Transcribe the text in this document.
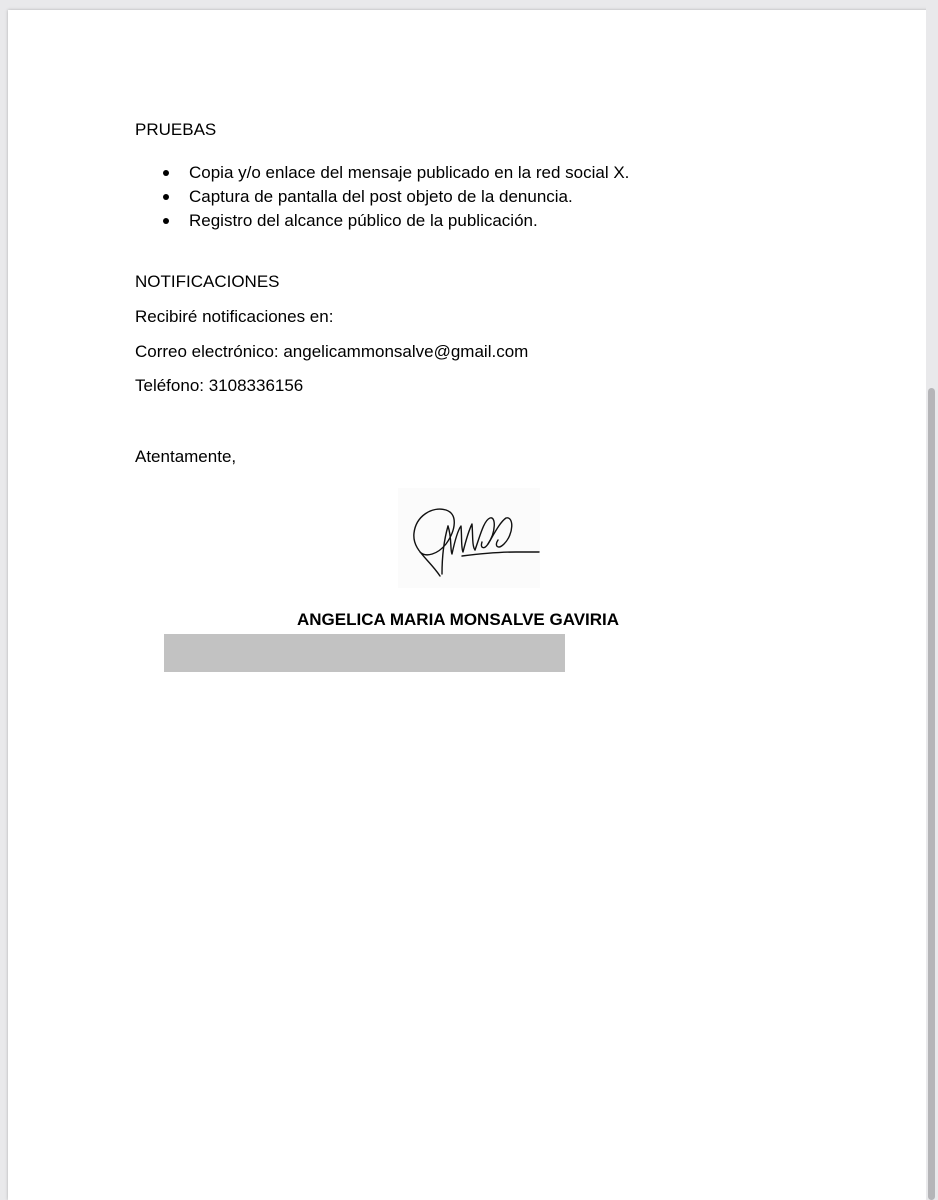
PRUEBAS
Copia y/o enlace del mensaje publicado en la red social X.
Captura de pantalla del post objeto de la denuncia.
Registro del alcance público de la publicación.
NOTIFICACIONES
Recibiré notificaciones en:
Correo electrónico: angelicammonsalve@gmail.com
Teléfono: 3108336156
Atentamente,
ANGELICA MARIA MONSALVE GAVIRIA
